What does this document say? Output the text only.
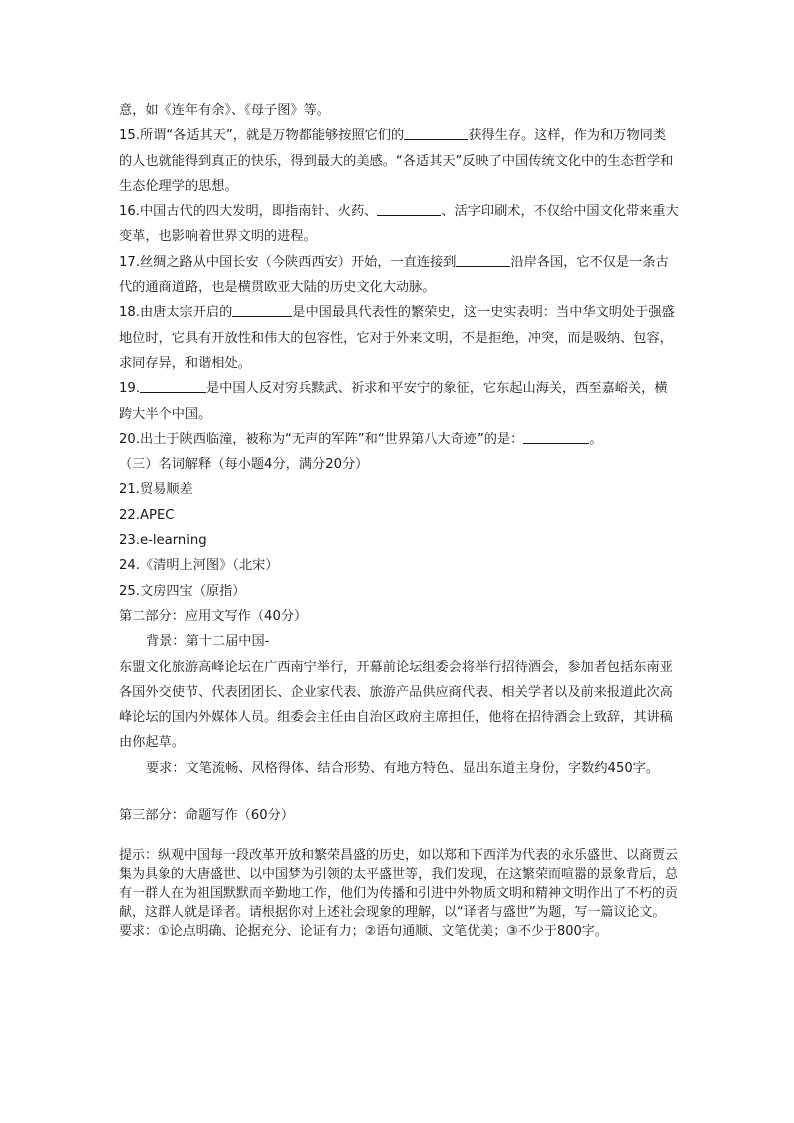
意，如《连年有余》、《母子图》等。

15.所谓“各适其天”，就是万物都能够按照它们的	获得生存。这样，作为和万物同类的人也就能得到真正的快乐，得到最大的美感。“各适其天”反映了中国传统文化中的生态哲学和生态伦理学的思想。

16.中国古代的四大发明，即指南针、火药、	、活字印刷术，不仅给中国文化带来重大变革，也影响着世界文明的进程。

17.丝绸之路从中国长安（今陕西西安）开始，一直连接到	沿岸各国，它不仅是一条古代的通商道路，也是横贯欧亚大陆的历史文化大动脉。

18.由唐太宗开启的	是中国最具代表性的繁荣史，这一史实表明：当中华文明处于强盛地位时，它具有开放性和伟大的包容性，它对于外来文明，不是拒绝，冲突，而是吸纳、包容，求同存异，和谐相处。

19.	是中国人反对穷兵黩武、祈求和平安宁的象征，它东起山海关，西至嘉峪关，横跨大半个中国。

20.出土于陕西临潼，被称为“无声的军阵”和“世界第八大奇迹”的是：	。

（三）名词解释（每小题4分，满分20分）

21.贸易顺差

22.APEC

23.e-learning

24.《清明上河图》（北宋）

25.文房四宝（原指）

第二部分：应用文写作（40分）

背景：第十二届中国-

东盟文化旅游高峰论坛在广西南宁举行，开幕前论坛组委会将举行招待酒会，参加者包括东南亚各国外交使节、代表团团长、企业家代表、旅游产品供应商代表、相关学者以及前来报道此次高峰论坛的国内外媒体人员。组委会主任由自治区政府主席担任，他将在招待酒会上致辞，其讲稿由你起草。

要求：文笔流畅、风格得体、结合形势、有地方特色、显出东道主身份，字数约450字。

第三部分：命题写作（60分）

提示：纵观中国每一段改革开放和繁荣昌盛的历史，如以郑和下西洋为代表的永乐盛世、以商贾云集为具象的大唐盛世、以中国梦为引领的太平盛世等，我们发现，在这繁荣而喧嚣的景象背后，总有一群人在为祖国默默而辛勤地工作，他们为传播和引进中外物质文明和精神文明作出了不朽的贡献，这群人就是译者。请根据你对上述社会现象的理解，以“译者与盛世”为题，写一篇议论文。

要求：①论点明确、论据充分、论证有力；②语句通顺、文笔优美；③不少于800字。
